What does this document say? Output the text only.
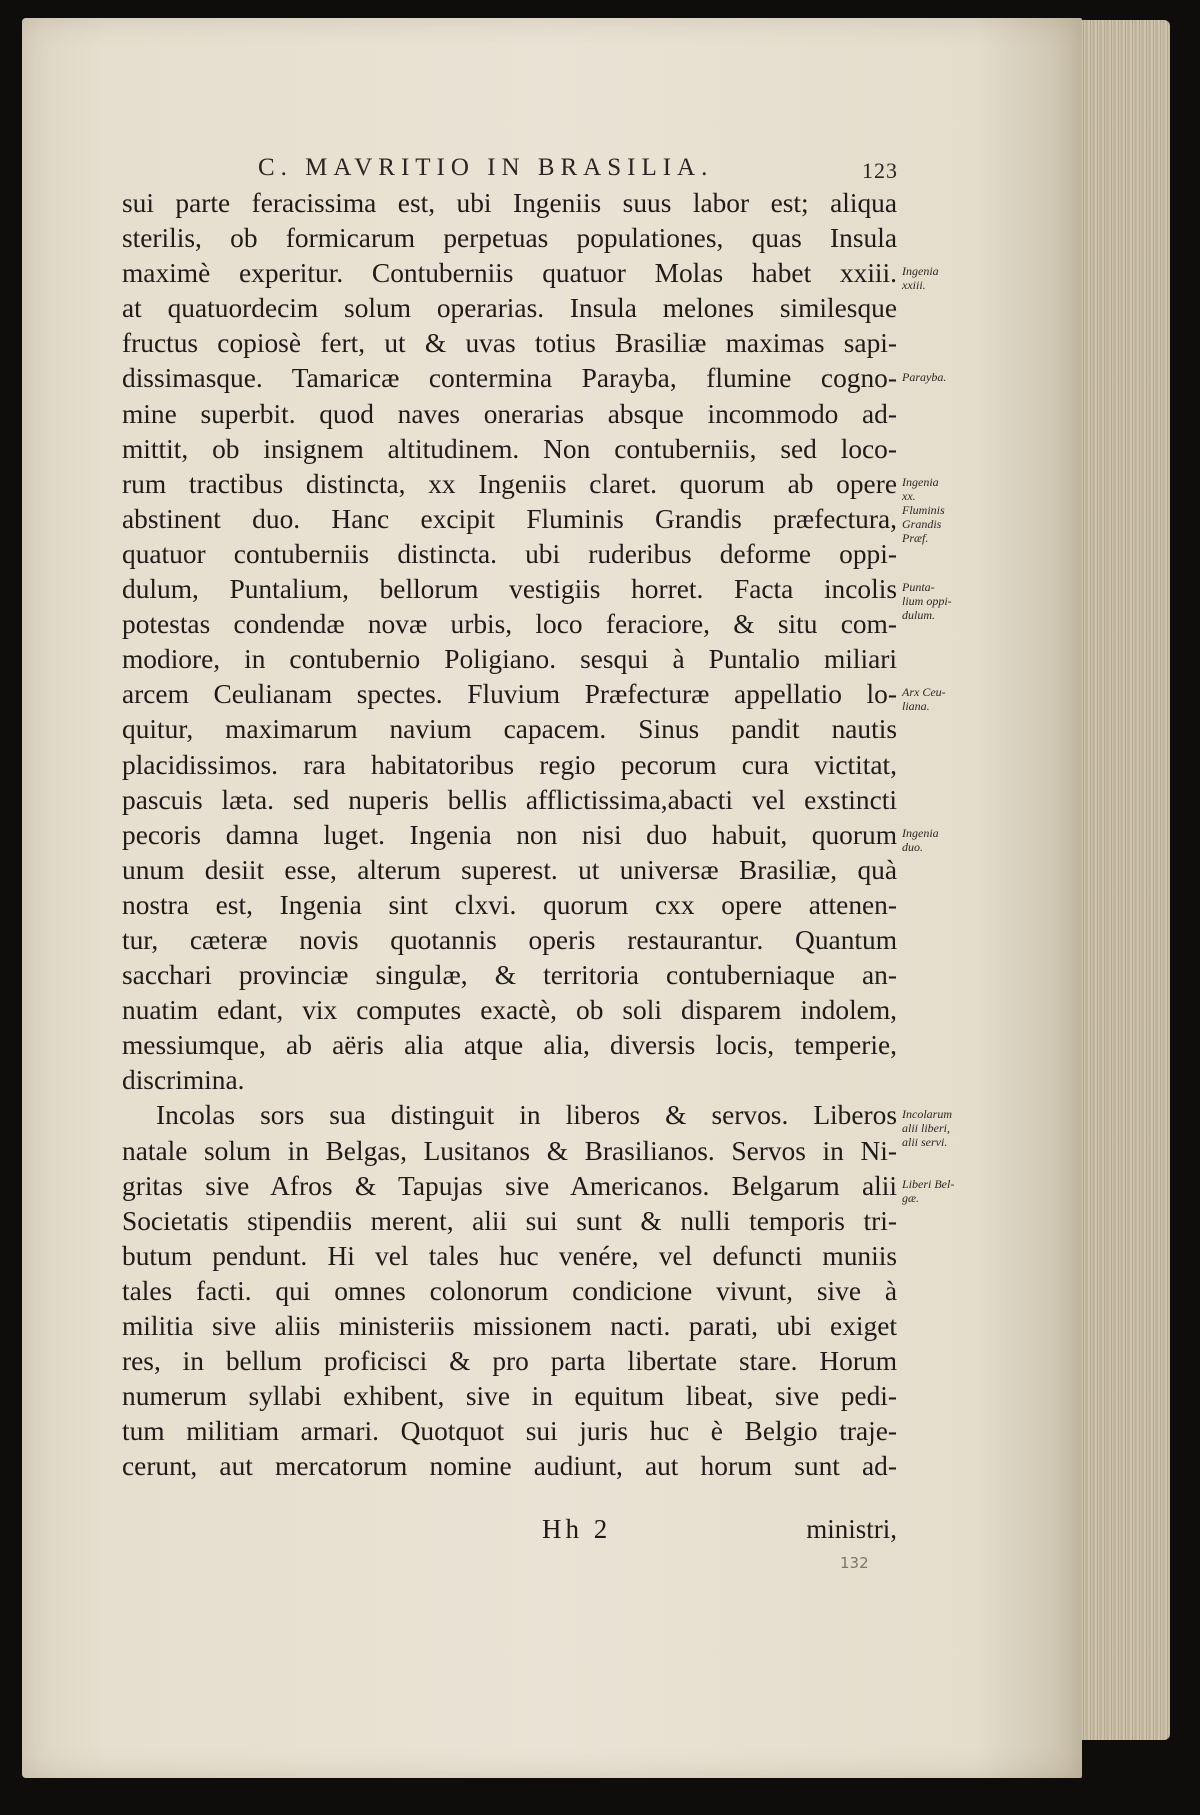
C. MAVRITIO IN BRASILIA.	123
sui parte feracissima est, ubi Ingeniis suus labor est; aliqua
sterilis, ob formicarum perpetuas populationes, quas Insula
maximè experitur. Contuberniis quatuor Molas habet xxiii.
at quatuordecim solum operarias. Insula melones similesque
fructus copiosè fert, ut & uvas totius Brasiliæ maximas sapi-
dissimasque. Tamaricæ contermina Parayba, flumine cogno-
mine superbit. quod naves onerarias absque incommodo ad-
mittit, ob insignem altitudinem. Non contuberniis, sed loco-
rum tractibus distincta, xx Ingeniis claret. quorum ab opere
abstinent duo. Hanc excipit Fluminis Grandis præfectura,
quatuor contuberniis distincta. ubi ruderibus deforme oppi-
dulum, Puntalium, bellorum vestigiis horret. Facta incolis
potestas condendæ novæ urbis, loco feraciore, & situ com-
modiore, in contubernio Poligiano. sesqui à Puntalio miliari
arcem Ceulianam spectes. Fluvium Præfecturæ appellatio lo-
quitur, maximarum navium capacem. Sinus pandit nautis
placidissimos. rara habitatoribus regio pecorum cura victitat,
pascuis læta. sed nuperis bellis afflictissima,abacti vel exstincti
pecoris damna luget. Ingenia non nisi duo habuit, quorum
unum desiit esse, alterum superest. ut universæ Brasiliæ, quà
nostra est, Ingenia sint clxvi. quorum cxx opere attenen-
tur, cæteræ novis quotannis operis restaurantur. Quantum
sacchari provinciæ singulæ, & territoria contuberniaque an-
nuatim edant, vix computes exactè, ob soli disparem indolem,
messiumque, ab aëris alia atque alia, diversis locis, temperie,
discrimina.
Incolas sors sua distinguit in liberos & servos. Liberos
natale solum in Belgas, Lusitanos & Brasilianos. Servos in Ni-
gritas sive Afros & Tapujas sive Americanos. Belgarum alii
Societatis stipendiis merent, alii sui sunt & nulli temporis tri-
butum pendunt. Hi vel tales huc venére, vel defuncti muniis
tales facti. qui omnes colonorum condicione vivunt, sive à
militia sive aliis ministeriis missionem nacti. parati, ubi exiget
res, in bellum proficisci & pro parta libertate stare. Horum
numerum syllabi exhibent, sive in equitum libeat, sive pedi-
tum militiam armari. Quotquot sui juris huc è Belgio traje-
cerunt, aut mercatorum nomine audiunt, aut horum sunt ad-
Ingenia
xxiii.
Parayba.
Ingenia
xx.
Fluminis
Grandis
Præf.
Punta-
lium oppi-
dulum.
Arx Ceu-
liana.
Ingenia
duo.
Incolarum
alii liberi,
alii servi.
Liberi Bel-
gæ.
Hh 2	ministri,
132
